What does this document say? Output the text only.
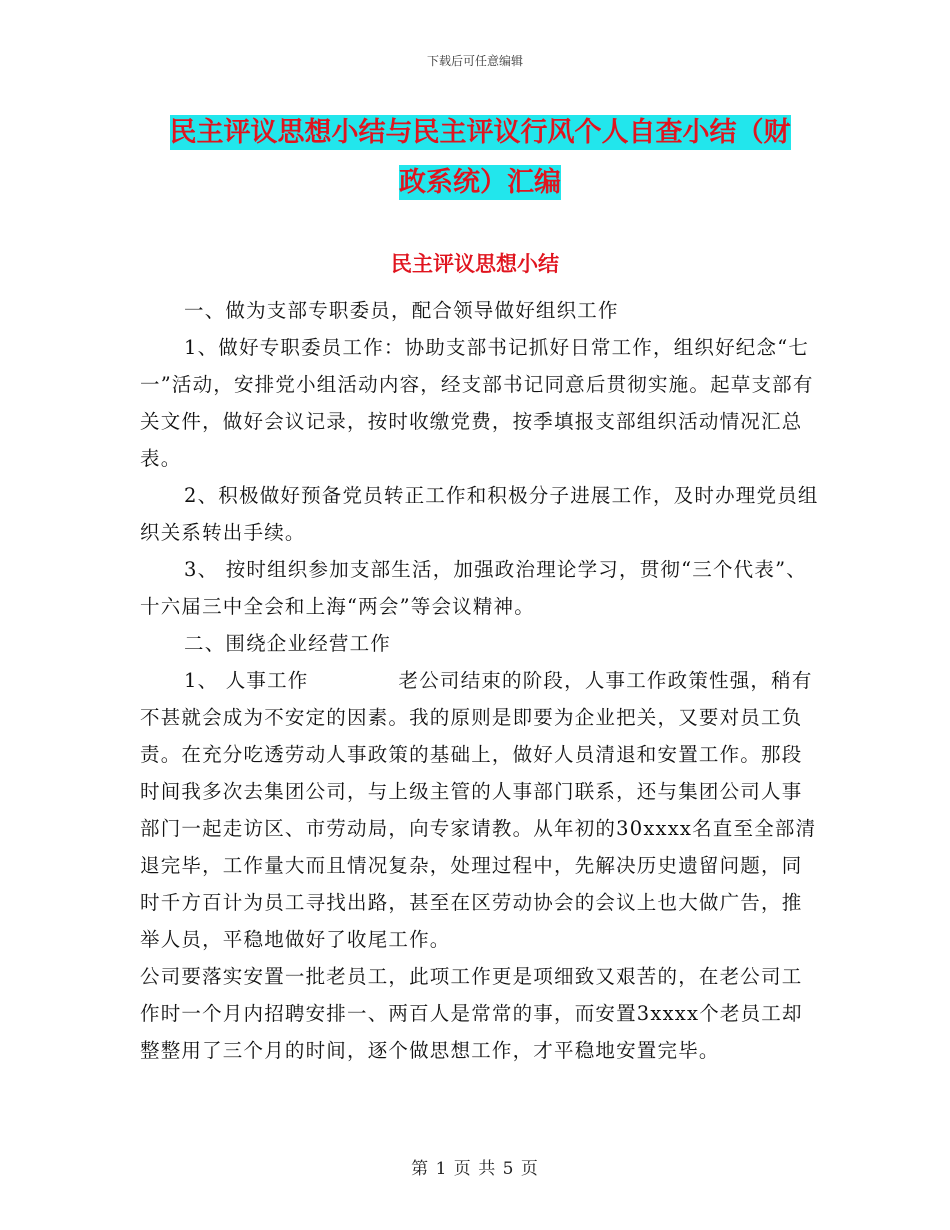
下载后可任意编辑
民主评议思想小结与民主评议行风个人自查小结（财
政系统）汇编
民主评议思想小结

一、做为支部专职委员，配合领导做好组织工作

1、做好专职委员工作：协助支部书记抓好日常工作，组织好纪念“七一”活动，安排党小组活动内容，经支部书记同意后贯彻实施。起草支部有关文件，做好会议记录，按时收缴党费，按季填报支部组织活动情况汇总表。

2、积极做好预备党员转正工作和积极分子进展工作，及时办理党员组织关系转出手续。

3、 按时组织参加支部生活，加强政治理论学习，贯彻“三个代表”、十六届三中全会和上海“两会”等会议精神。

二、围绕企业经营工作

1、 人事工作	老公司结束的阶段，人事工作政策性强，稍有不甚就会成为不安定的因素。我的原则是即要为企业把关，又要对员工负责。在充分吃透劳动人事政策的基础上，做好人员清退和安置工作。那段时间我多次去集团公司，与上级主管的人事部门联系，还与集团公司人事部门一起走访区、市劳动局，向专家请教。从年初的30xxxx名直至全部清退完毕，工作量大而且情况复杂，处理过程中，先解决历史遗留问题，同时千方百计为员工寻找出路，甚至在区劳动协会的会议上也大做广告，推举人员，平稳地做好了收尾工作。

公司要落实安置一批老员工，此项工作更是项细致又艰苦的，在老公司工作时一个月内招聘安排一、两百人是常常的事，而安置3xxxx个老员工却整整用了三个月的时间，逐个做思想工作，才平稳地安置完毕。

第 1 页 共 5 页
